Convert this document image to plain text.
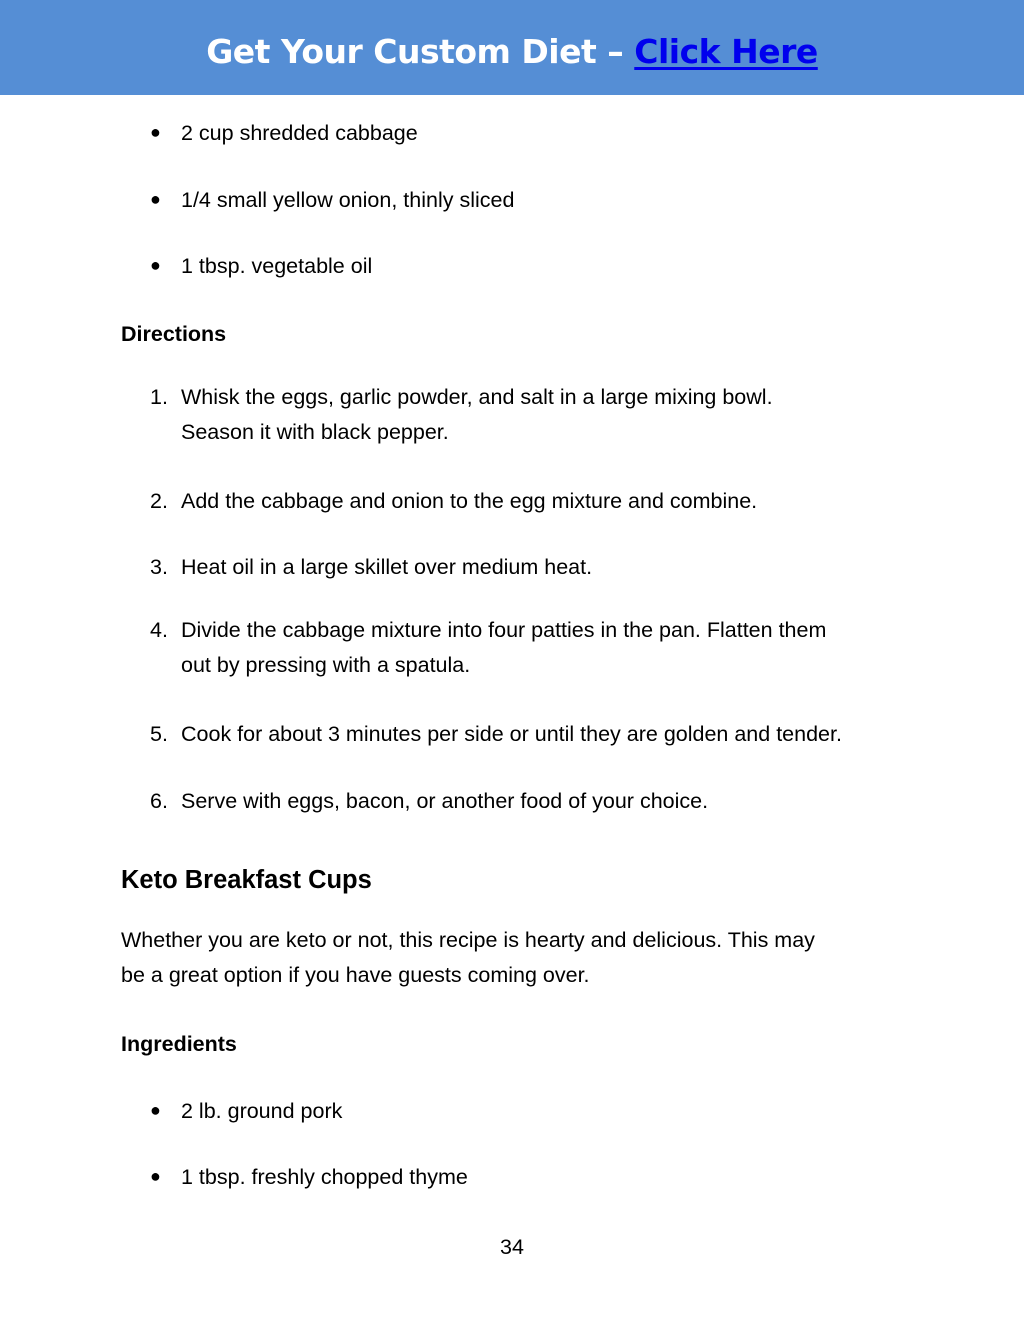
Get Your Custom Diet – Click Here
● 2 cup shredded cabbage
● 1/4 small yellow onion, thinly sliced
● 1 tbsp. vegetable oil
Directions
1. Whisk the eggs, garlic powder, and salt in a large mixing bowl.
Season it with black pepper.
2. Add the cabbage and onion to the egg mixture and combine.
3. Heat oil in a large skillet over medium heat.
4. Divide the cabbage mixture into four patties in the pan. Flatten them
out by pressing with a spatula.
5. Cook for about 3 minutes per side or until they are golden and tender.
6. Serve with eggs, bacon, or another food of your choice.
Keto Breakfast Cups
Whether you are keto or not, this recipe is hearty and delicious. This may
be a great option if you have guests coming over.
Ingredients
● 2 lb. ground pork
● 1 tbsp. freshly chopped thyme
34
